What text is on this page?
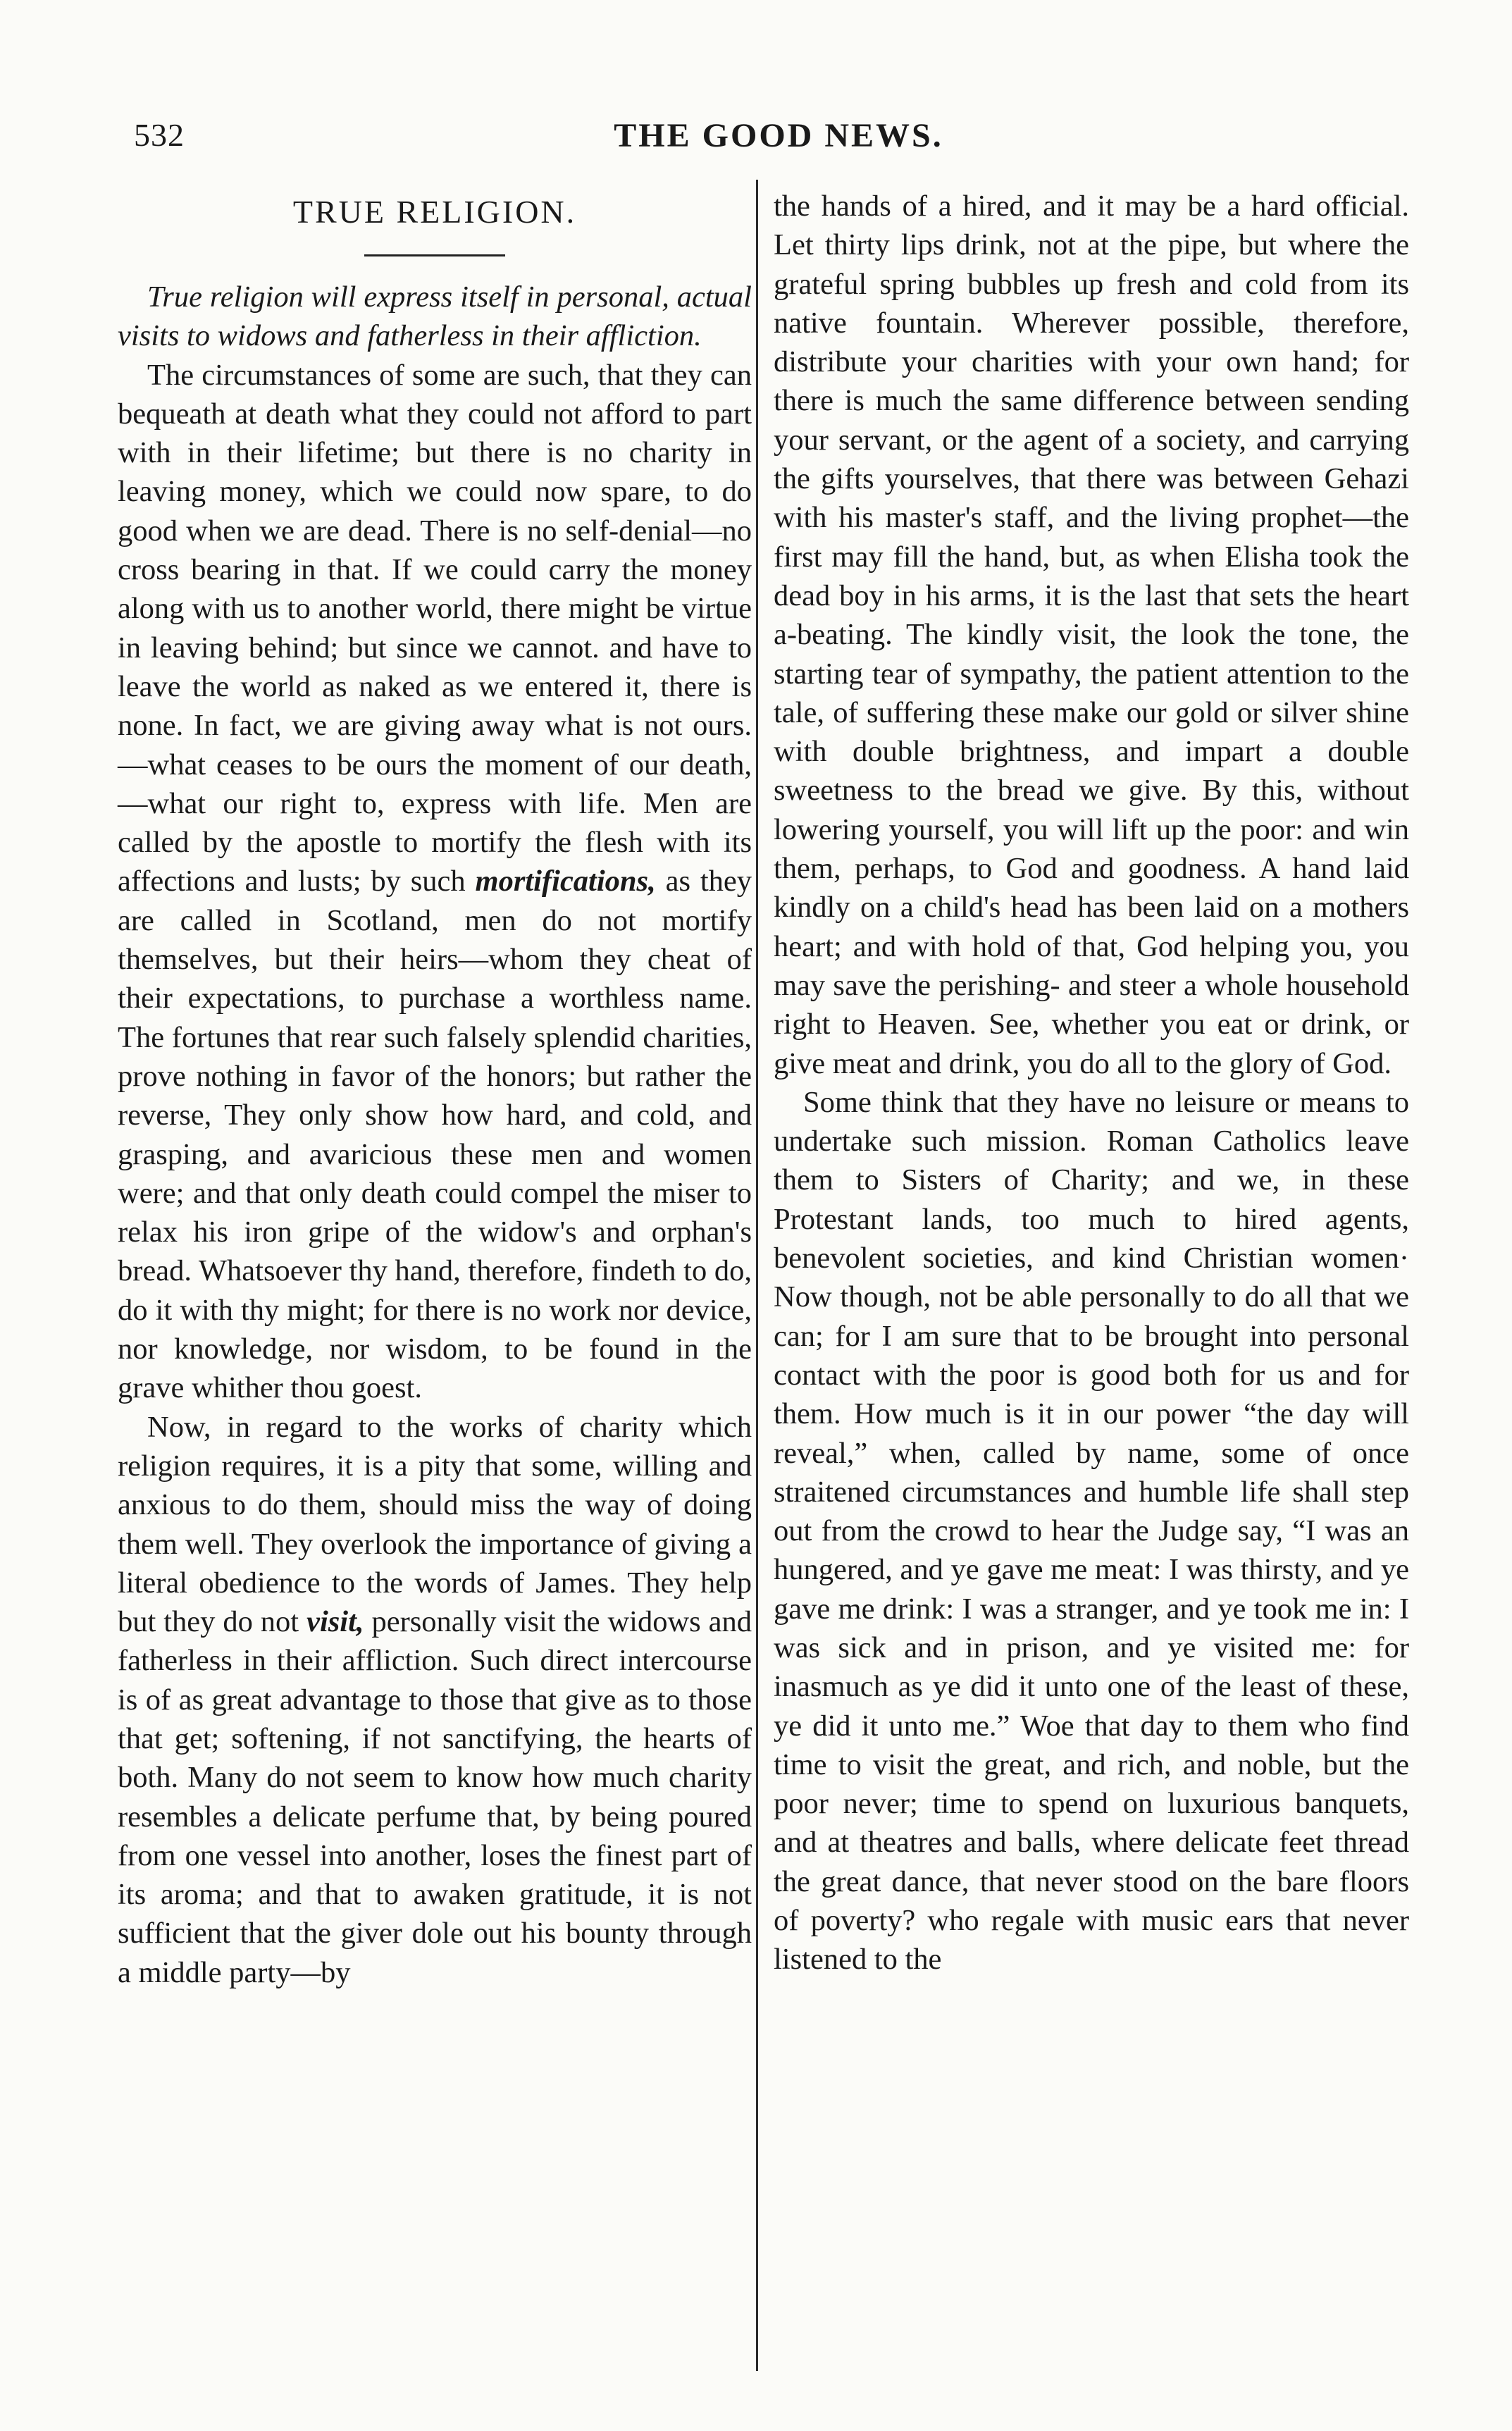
532	THE GOOD NEWS.
TRUE RELIGION.

True religion will express itself in personal, actual visits to widows and fatherless in their affliction.

The circumstances of some are such, that they can bequeath at death what they could not afford to part with in their lifetime; but there is no charity in leaving money, which we could now spare, to do good when we are dead. There is no self-denial—no cross bearing in that. If we could carry the money along with us to another world, there might be virtue in leaving behind; but since we cannot. and have to leave the world as naked as we entered it, there is none. In fact, we are giving away what is not ours.—what ceases to be ours the moment of our death,—what our right to, express with life. Men are called by the apostle to mortify the flesh with its affections and lusts; by such mortifications, as they are called in Scotland, men do not mortify themselves, but their heirs—whom they cheat of their expectations, to purchase a worthless name. The fortunes that rear such falsely splendid charities, prove nothing in favor of the honors; but rather the reverse, They only show how hard, and cold, and grasping, and avaricious these men and women were; and that only death could compel the miser to relax his iron gripe of the widow's and orphan's bread. Whatsoever thy hand, therefore, findeth to do, do it with thy might; for there is no work nor device, nor knowledge, nor wisdom, to be found in the grave whither thou goest.

Now, in regard to the works of charity which religion requires, it is a pity that some, willing and anxious to do them, should miss the way of doing them well. They overlook the importance of giving a literal obedience to the words of James. They help but they do not visit, personally visit the widows and fatherless in their affliction. Such direct intercourse is of as great advantage to those that give as to those that get; softening, if not sanctifying, the hearts of both. Many do not seem to know how much charity resembles a delicate perfume that, by being poured from one vessel into another, loses the finest part of its aroma; and that to awaken gratitude, it is not sufficient that the giver dole out his bounty through a middle party—by

the hands of a hired, and it may be a hard official. Let thirty lips drink, not at the pipe, but where the grateful spring bubbles up fresh and cold from its native fountain. Wherever possible, therefore, distribute your charities with your own hand; for there is much the same difference between sending your servant, or the agent of a society, and carrying the gifts yourselves, that there was between Gehazi with his master's staff, and the living prophet—the first may fill the hand, but, as when Elisha took the dead boy in his arms, it is the last that sets the heart a-beating. The kindly visit, the look the tone, the starting tear of sympathy, the patient attention to the tale, of suffering these make our gold or silver shine with double brightness, and impart a double sweetness to the bread we give. By this, without lowering yourself, you will lift up the poor: and win them, perhaps, to God and goodness. A hand laid kindly on a child's head has been laid on a mothers heart; and with hold of that, God helping you, you may save the perishing- and steer a whole household right to Heaven. See, whether you eat or drink, or give meat and drink, you do all to the glory of God.

Some think that they have no leisure or means to undertake such mission. Roman Catholics leave them to Sisters of Charity; and we, in these Protestant lands, too much to hired agents, benevolent societies, and kind Christian women· Now though, not be able personally to do all that we can; for I am sure that to be brought into personal contact with the poor is good both for us and for them. How much is it in our power “the day will reveal,” when, called by name, some of once straitened circumstances and humble life shall step out from the crowd to hear the Judge say, “I was an hungered, and ye gave me meat: I was thirsty, and ye gave me drink: I was a stranger, and ye took me in: I was sick and in prison, and ye visited me: for inasmuch as ye did it unto one of the least of these, ye did it unto me.” Woe that day to them who find time to visit the great, and rich, and noble, but the poor never; time to spend on luxurious banquets, and at theatres and balls, where delicate feet thread the great dance, that never stood on the bare floors of poverty? who regale with music ears that never listened to the
